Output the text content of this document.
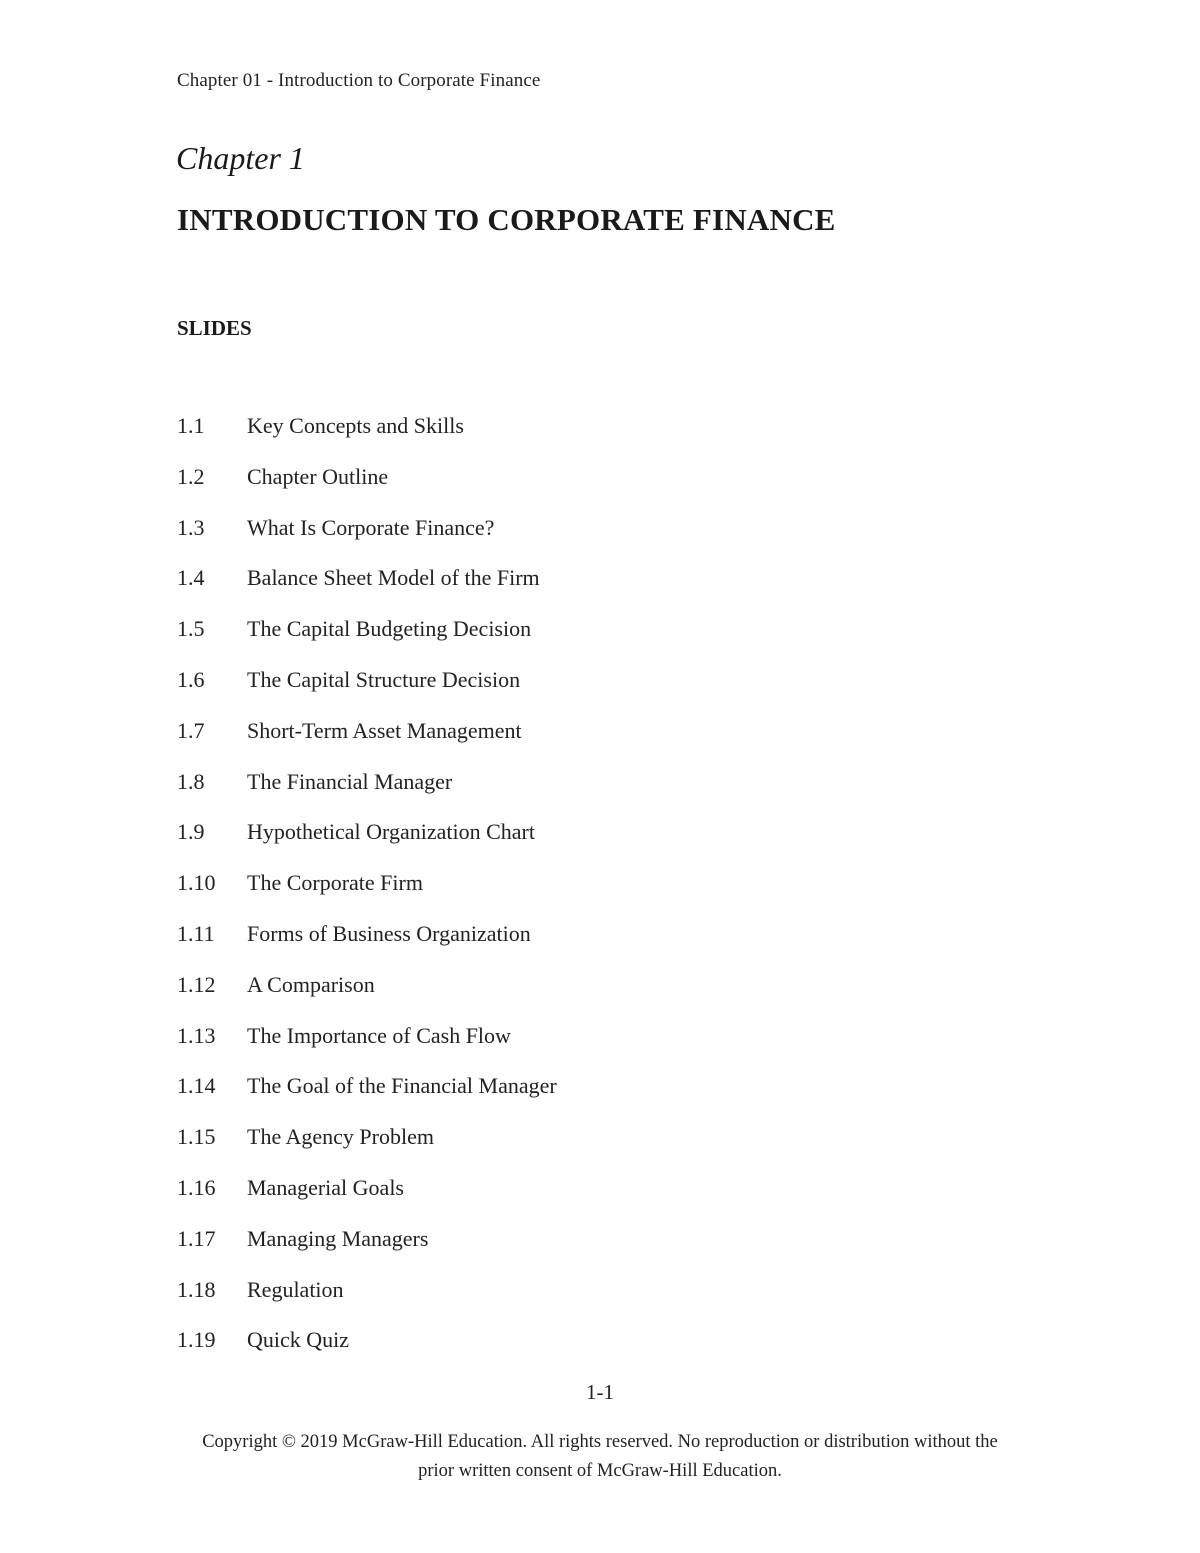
Chapter 01 - Introduction to Corporate Finance
Chapter 1
INTRODUCTION TO CORPORATE FINANCE
SLIDES
1.1	Key Concepts and Skills
1.2	Chapter Outline
1.3	What Is Corporate Finance?
1.4	Balance Sheet Model of the Firm
1.5	The Capital Budgeting Decision
1.6	The Capital Structure Decision
1.7	Short-Term Asset Management
1.8	The Financial Manager
1.9	Hypothetical Organization Chart
1.10	The Corporate Firm
1.11	Forms of Business Organization
1.12	A Comparison
1.13	The Importance of Cash Flow
1.14	The Goal of the Financial Manager
1.15	The Agency Problem
1.16	Managerial Goals
1.17	Managing Managers
1.18	Regulation
1.19	Quick Quiz
1-1
Copyright © 2019 McGraw-Hill Education. All rights reserved. No reproduction or distribution without the
prior written consent of McGraw-Hill Education.
